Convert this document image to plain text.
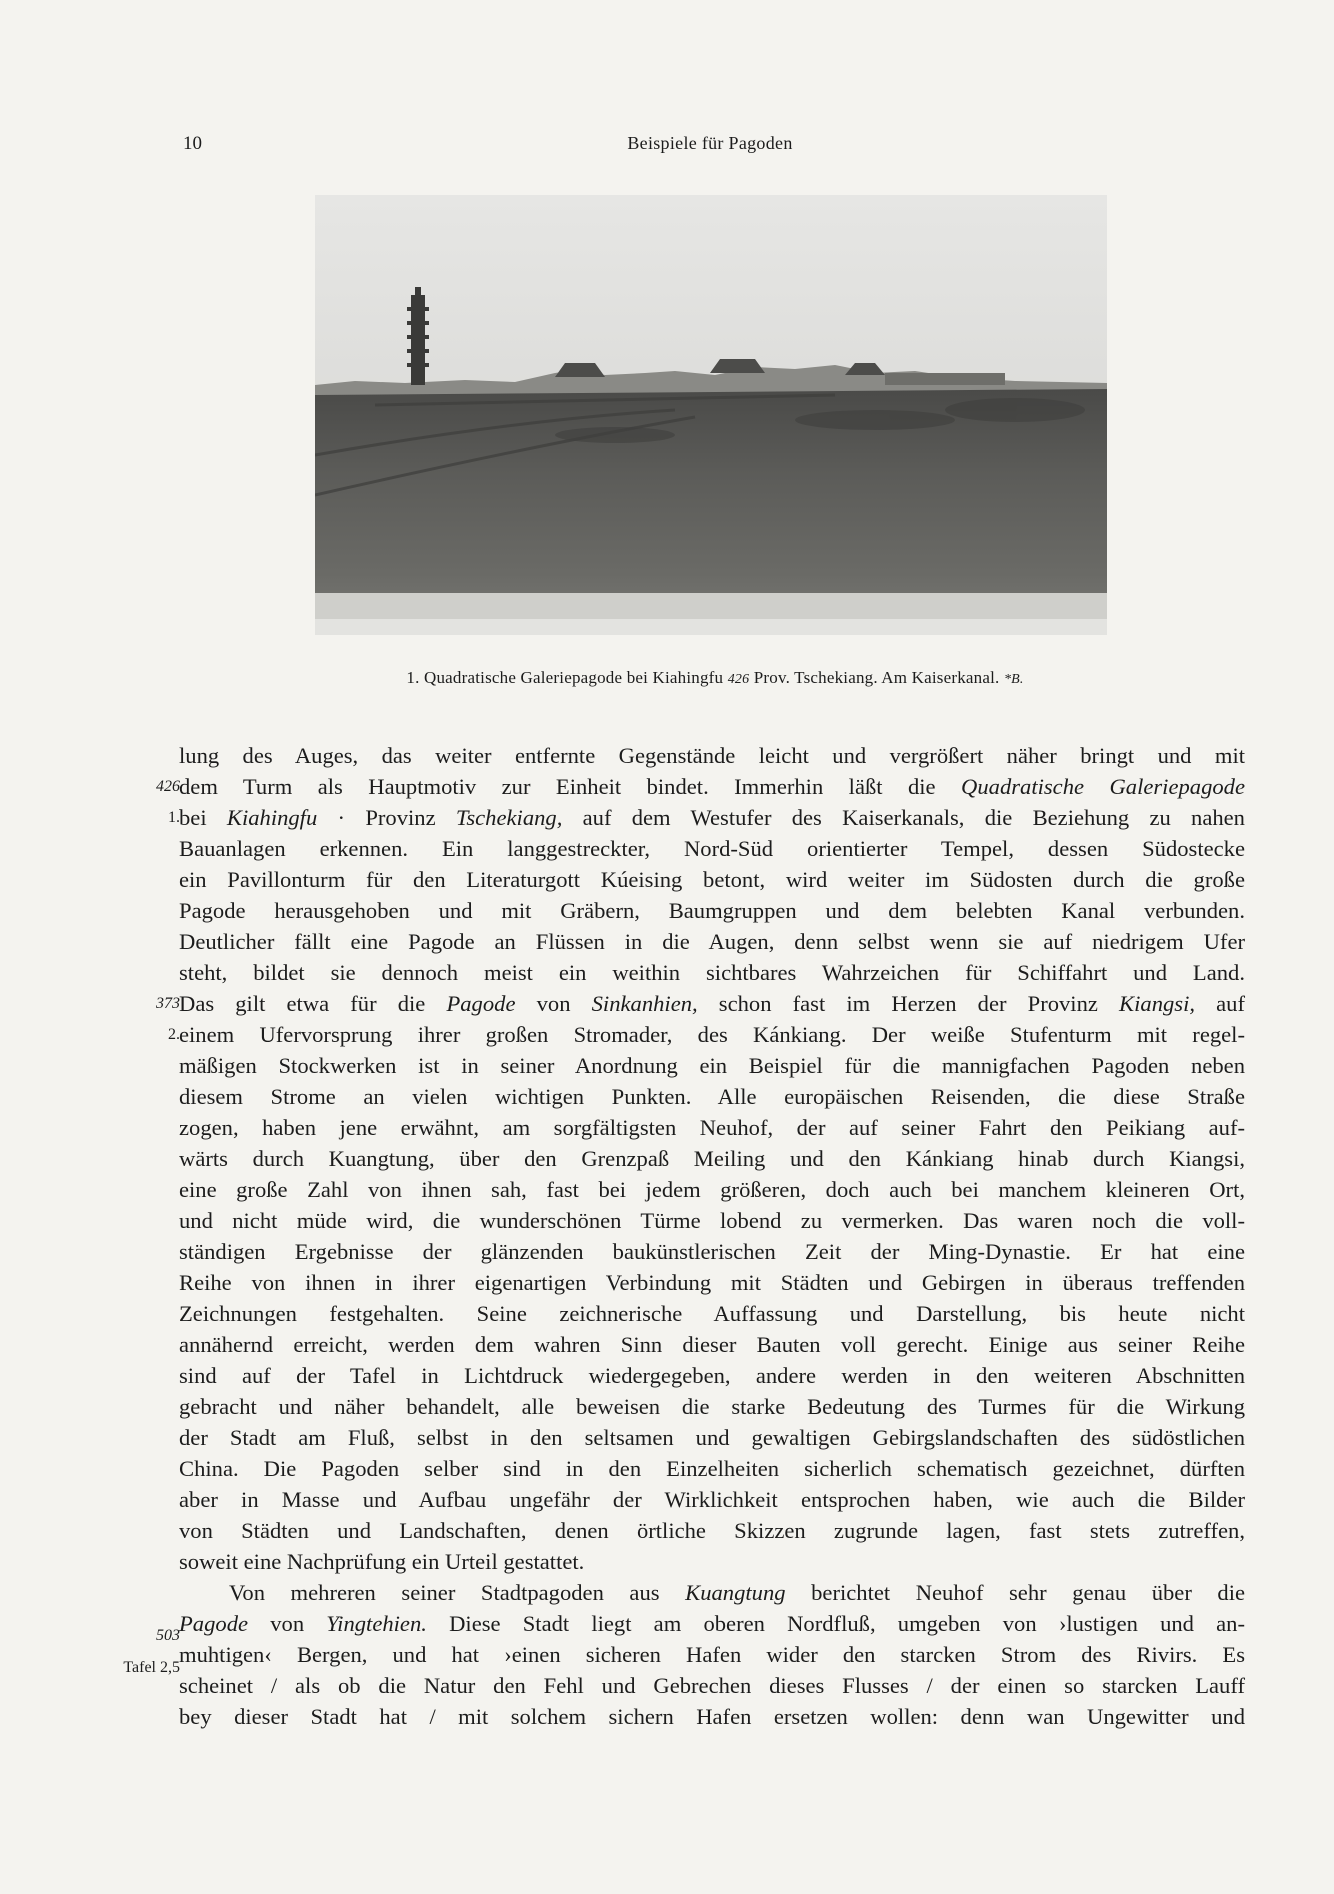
10	Beispiele für Pagoden
1. Quadratische Galeriepagode bei Kiahingfu 426 Prov. Tschekiang. Am Kaiserkanal. *B.
426
1.
373
2.
503
Tafel 2,5
lung des Auges, das weiter entfernte Gegenstände leicht und vergrößert näher bringt und mit
dem Turm als Hauptmotiv zur Einheit bindet. Immerhin läßt die Quadratische Galeriepagode
bei Kiahingfu · Provinz Tschekiang, auf dem Westufer des Kaiserkanals, die Beziehung zu nahen
Bauanlagen erkennen. Ein langgestreckter, Nord-Süd orientierter Tempel, dessen Südostecke
ein Pavillonturm für den Literaturgott Kúeising betont, wird weiter im Südosten durch die große
Pagode herausgehoben und mit Gräbern, Baumgruppen und dem belebten Kanal verbunden.
Deutlicher fällt eine Pagode an Flüssen in die Augen, denn selbst wenn sie auf niedrigem Ufer
steht, bildet sie dennoch meist ein weithin sichtbares Wahrzeichen für Schiffahrt und Land.
Das gilt etwa für die Pagode von Sinkanhien, schon fast im Herzen der Provinz Kiangsi, auf
einem Ufervorsprung ihrer großen Stromader, des Kánkiang. Der weiße Stufenturm mit regel-
mäßigen Stockwerken ist in seiner Anordnung ein Beispiel für die mannigfachen Pagoden neben
diesem Strome an vielen wichtigen Punkten. Alle europäischen Reisenden, die diese Straße
zogen, haben jene erwähnt, am sorgfältigsten Neuhof, der auf seiner Fahrt den Peikiang auf-
wärts durch Kuangtung, über den Grenzpaß Meiling und den Kánkiang hinab durch Kiangsi,
eine große Zahl von ihnen sah, fast bei jedem größeren, doch auch bei manchem kleineren Ort,
und nicht müde wird, die wunderschönen Türme lobend zu vermerken. Das waren noch die voll-
ständigen Ergebnisse der glänzenden baukünstlerischen Zeit der Ming-Dynastie. Er hat eine
Reihe von ihnen in ihrer eigenartigen Verbindung mit Städten und Gebirgen in überaus treffenden
Zeichnungen festgehalten. Seine zeichnerische Auffassung und Darstellung, bis heute nicht
annähernd erreicht, werden dem wahren Sinn dieser Bauten voll gerecht. Einige aus seiner Reihe
sind auf der Tafel in Lichtdruck wiedergegeben, andere werden in den weiteren Abschnitten
gebracht und näher behandelt, alle beweisen die starke Bedeutung des Turmes für die Wirkung
der Stadt am Fluß, selbst in den seltsamen und gewaltigen Gebirgslandschaften des südöstlichen
China. Die Pagoden selber sind in den Einzelheiten sicherlich schematisch gezeichnet, dürften
aber in Masse und Aufbau ungefähr der Wirklichkeit entsprochen haben, wie auch die Bilder
von Städten und Landschaften, denen örtliche Skizzen zugrunde lagen, fast stets zutreffen,
soweit eine Nachprüfung ein Urteil gestattet.
Von mehreren seiner Stadtpagoden aus Kuangtung berichtet Neuhof sehr genau über die
Pagode von Yingtehien. Diese Stadt liegt am oberen Nordfluß, umgeben von ›lustigen und an-
muhtigen‹ Bergen, und hat ›einen sicheren Hafen wider den starcken Strom des Rivirs. Es
scheinet / als ob die Natur den Fehl und Gebrechen dieses Flusses / der einen so starcken Lauff
bey dieser Stadt hat / mit solchem sichern Hafen ersetzen wollen: denn wan Ungewitter und
